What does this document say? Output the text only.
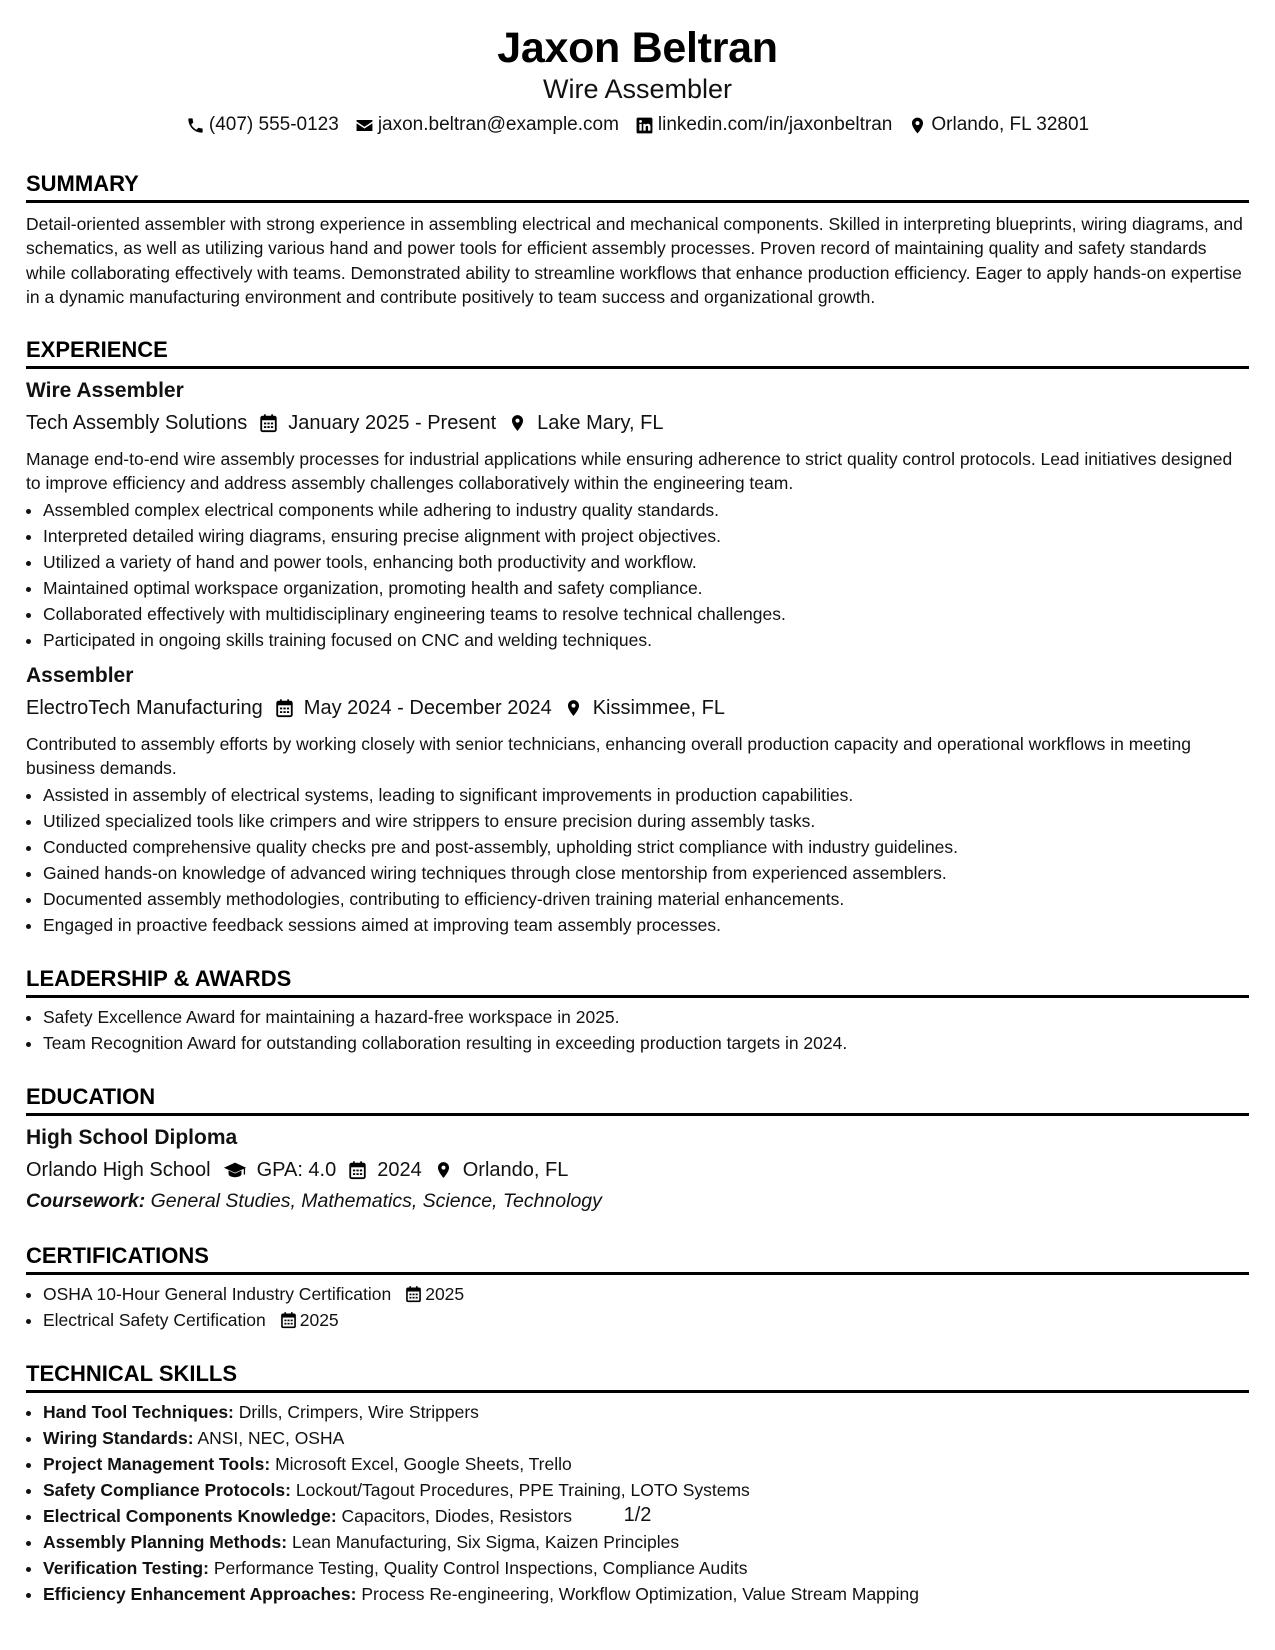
Jaxon Beltran
Wire Assembler
(407) 555-0123 jaxon.beltran@example.com linkedin.com/in/jaxonbeltran Orlando, FL 32801
SUMMARY
Detail-oriented assembler with strong experience in assembling electrical and mechanical components. Skilled in interpreting blueprints, wiring diagrams, and schematics, as well as utilizing various hand and power tools for efficient assembly processes. Proven record of maintaining quality and safety standards while collaborating effectively with teams. Demonstrated ability to streamline workflows that enhance production efficiency. Eager to apply hands-on expertise in a dynamic manufacturing environment and contribute positively to team success and organizational growth.
EXPERIENCE
Wire Assembler
Tech Assembly Solutions January 2025 - Present Lake Mary, FL
Manage end-to-end wire assembly processes for industrial applications while ensuring adherence to strict quality control protocols. Lead initiatives designed to improve efficiency and address assembly challenges collaboratively within the engineering team.
• Assembled complex electrical components while adhering to industry quality standards.
• Interpreted detailed wiring diagrams, ensuring precise alignment with project objectives.
• Utilized a variety of hand and power tools, enhancing both productivity and workflow.
• Maintained optimal workspace organization, promoting health and safety compliance.
• Collaborated effectively with multidisciplinary engineering teams to resolve technical challenges.
• Participated in ongoing skills training focused on CNC and welding techniques.
Assembler
ElectroTech Manufacturing May 2024 - December 2024 Kissimmee, FL
Contributed to assembly efforts by working closely with senior technicians, enhancing overall production capacity and operational workflows in meeting business demands.
• Assisted in assembly of electrical systems, leading to significant improvements in production capabilities.
• Utilized specialized tools like crimpers and wire strippers to ensure precision during assembly tasks.
• Conducted comprehensive quality checks pre and post-assembly, upholding strict compliance with industry guidelines.
• Gained hands-on knowledge of advanced wiring techniques through close mentorship from experienced assemblers.
• Documented assembly methodologies, contributing to efficiency-driven training material enhancements.
• Engaged in proactive feedback sessions aimed at improving team assembly processes.
LEADERSHIP & AWARDS
• Safety Excellence Award for maintaining a hazard-free workspace in 2025.
• Team Recognition Award for outstanding collaboration resulting in exceeding production targets in 2024.
EDUCATION
High School Diploma
Orlando High School GPA: 4.0 2024 Orlando, FL
Coursework: General Studies, Mathematics, Science, Technology
CERTIFICATIONS
• OSHA 10-Hour General Industry Certification 2025
• Electrical Safety Certification 2025
TECHNICAL SKILLS
• Hand Tool Techniques: Drills, Crimpers, Wire Strippers
• Wiring Standards: ANSI, NEC, OSHA
• Project Management Tools: Microsoft Excel, Google Sheets, Trello
• Safety Compliance Protocols: Lockout/Tagout Procedures, PPE Training, LOTO Systems
• Electrical Components Knowledge: Capacitors, Diodes, Resistors
• Assembly Planning Methods: Lean Manufacturing, Six Sigma, Kaizen Principles
• Verification Testing: Performance Testing, Quality Control Inspections, Compliance Audits
• Efficiency Enhancement Approaches: Process Re-engineering, Workflow Optimization, Value Stream Mapping
1/2
